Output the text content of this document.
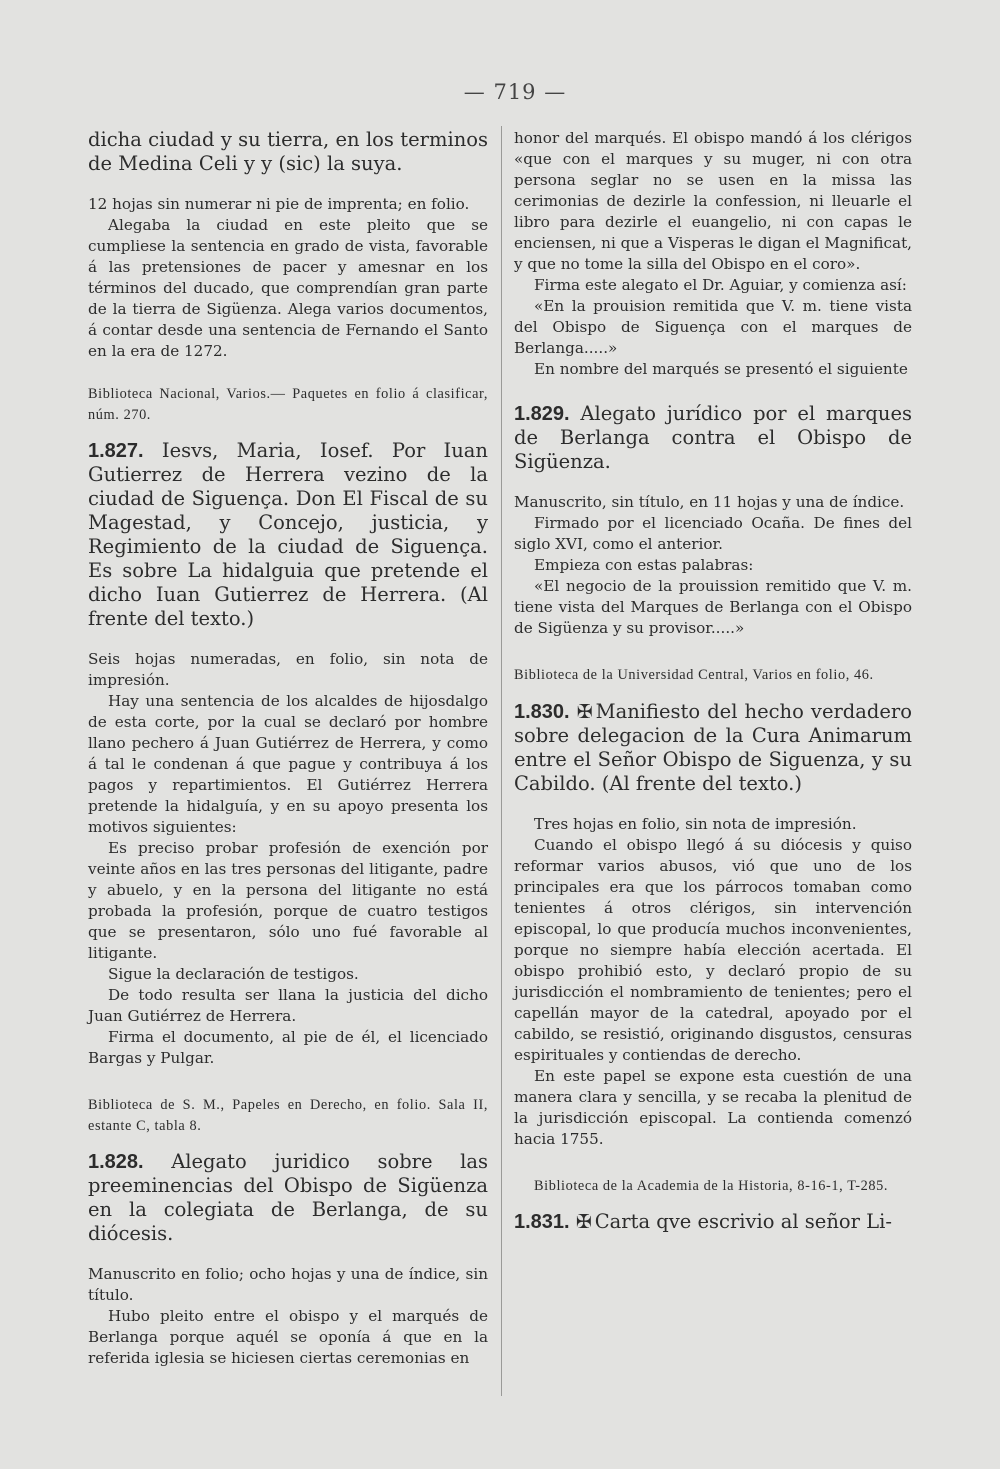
— 719 —

dicha ciudad y su tierra, en los terminos de Medina Celi y y (sic) la suya.

12 hojas sin numerar ni pie de imprenta; en folio.

Alegaba la ciudad en este pleito que se cumpliese la sentencia en grado de vista, favorable á las pretensiones de pacer y amesnar en los términos del ducado, que comprendían gran parte de la tierra de Sigüenza. Alega varios documentos, á contar desde una sentencia de Fernando el Santo en la era de 1272.

Biblioteca Nacional, Varios.— Paquetes en folio á clasificar, núm. 270.

1.827. Iesvs, Maria, Iosef. Por Iuan Gutierrez de Herrera vezino de la ciudad de Siguença. Don El Fiscal de su Magestad, y Concejo, justicia, y Regimiento de la ciudad de Siguença. Es sobre La hidalguia que pretende el dicho Iuan Gutierrez de Herrera. (Al frente del texto.)

Seis hojas numeradas, en folio, sin nota de impresión.

Hay una sentencia de los alcaldes de hijosdalgo de esta corte, por la cual se declaró por hombre llano pechero á Juan Gutiérrez de Herrera, y como á tal le condenan á que pague y contribuya á los pagos y repartimientos. El Gutiérrez Herrera pretende la hidalguía, y en su apoyo presenta los motivos siguientes:

Es preciso probar profesión de exención por veinte años en las tres personas del litigante, padre y abuelo, y en la persona del litigante no está probada la profesión, porque de cuatro testigos que se presentaron, sólo uno fué favorable al litigante.

Sigue la declaración de testigos.

De todo resulta ser llana la justicia del dicho Juan Gutiérrez de Herrera.

Firma el documento, al pie de él, el licenciado Bargas y Pulgar.

Biblioteca de S. M., Papeles en Derecho, en folio. Sala II, estante C, tabla 8.

1.828. Alegato juridico sobre las preeminencias del Obispo de Sigüenza en la colegiata de Berlanga, de su diócesis.

Manuscrito en folio; ocho hojas y una de índice, sin título.

Hubo pleito entre el obispo y el marqués de Berlanga porque aquél se oponía á que en la referida iglesia se hiciesen ciertas ceremonias en

honor del marqués. El obispo mandó á los clérigos «que con el marques y su muger, ni con otra persona seglar no se usen en la missa las cerimonias de dezirle la confession, ni lleuarle el libro para dezirle el euangelio, ni con capas le enciensen, ni que a Visperas le digan el Magnificat, y que no tome la silla del Obispo en el coro».

Firma este alegato el Dr. Aguiar, y comienza así:

«En la prouision remitida que V. m. tiene vista del Obispo de Siguença con el marques de Berlanga.....»

En nombre del marqués se presentó el siguiente

1.829. Alegato jurídico por el marques de Berlanga contra el Obispo de Sigüenza.

Manuscrito, sin título, en 11 hojas y una de índice.

Firmado por el licenciado Ocaña. De fines del siglo XVI, como el anterior.

Empieza con estas palabras:

«El negocio de la prouission remitido que V. m. tiene vista del Marques de Berlanga con el Obispo de Sigüenza y su provisor.....»

Biblioteca de la Universidad Central, Varios en folio, 46.

1.830. ✠ Manifiesto del hecho verdadero sobre delegacion de la Cura Animarum entre el Señor Obispo de Siguenza, y su Cabildo. (Al frente del texto.)

Tres hojas en folio, sin nota de impresión.

Cuando el obispo llegó á su diócesis y quiso reformar varios abusos, vió que uno de los principales era que los párrocos tomaban como tenientes á otros clérigos, sin intervención episcopal, lo que producía muchos inconvenientes, porque no siempre había elección acertada. El obispo prohibió esto, y declaró propio de su jurisdicción el nombramiento de tenientes; pero el capellán mayor de la catedral, apoyado por el cabildo, se resistió, originando disgustos, censuras espirituales y contiendas de derecho.

En este papel se expone esta cuestión de una manera clara y sencilla, y se recaba la plenitud de la jurisdicción episcopal. La contienda comenzó hacia 1755.

Biblioteca de la Academia de la Historia, 8-16-1, T-285.

1.831. ✠ Carta qve escrivio al señor Li-
